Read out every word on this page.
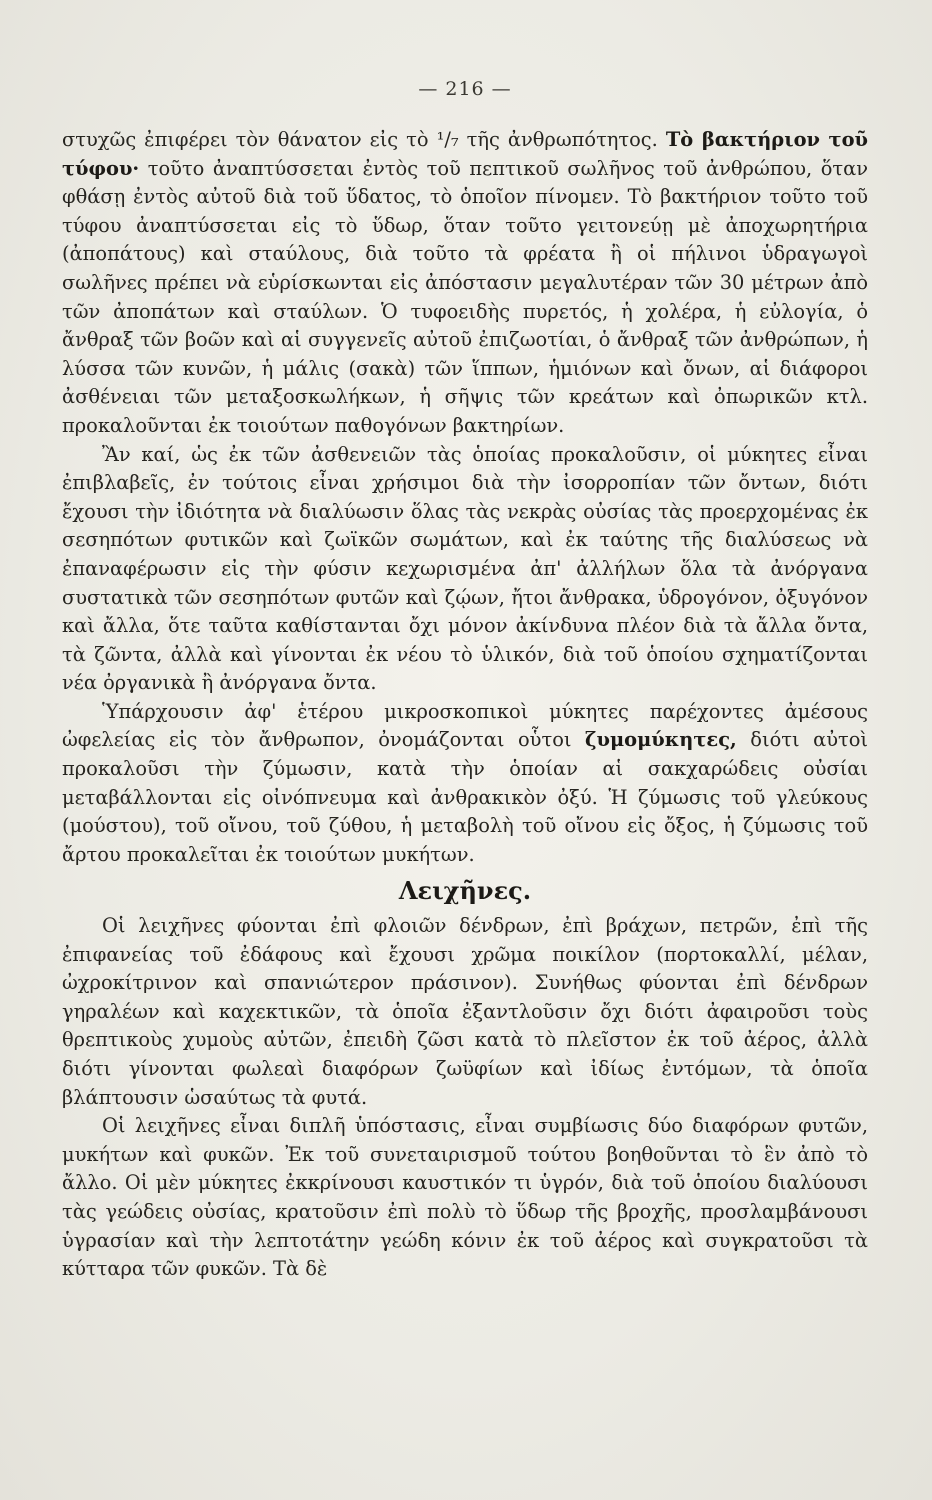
— 216 —

στυχῶς ἐπιφέρει τὸν θάνατον εἰς τὸ ¹/₇ τῆς ἀνθρωπότητος. Τὸ βακτήριον τοῦ τύφου· τοῦτο ἀναπτύσσεται ἐντὸς τοῦ πεπτικοῦ σωλῆνος τοῦ ἀνθρώπου, ὅταν φθάσῃ ἐντὸς αὐτοῦ διὰ τοῦ ὕδατος, τὸ ὁποῖον πίνομεν. Τὸ βακτήριον τοῦτο τοῦ τύφου ἀναπτύσσεται εἰς τὸ ὕδωρ, ὅταν τοῦτο γειτονεύῃ μὲ ἀποχωρητήρια (ἀποπάτους) καὶ σταύλους, διὰ τοῦτο τὰ φρέατα ἢ οἱ πήλινοι ὑδραγωγοὶ σωλῆνες πρέπει νὰ εὑρίσκωνται εἰς ἀπόστασιν μεγαλυτέραν τῶν 30 μέτρων ἀπὸ τῶν ἀποπάτων καὶ σταύλων. Ὁ τυφοειδὴς πυρετός, ἡ χολέρα, ἡ εὐλογία, ὁ ἄνθραξ τῶν βοῶν καὶ αἱ συγγενεῖς αὐτοῦ ἐπιζωοτίαι, ὁ ἄνθραξ τῶν ἀνθρώπων, ἡ λύσσα τῶν κυνῶν, ἡ μάλις (σακὰ) τῶν ἵππων, ἡμιόνων καὶ ὄνων, αἱ διάφοροι ἀσθένειαι τῶν μεταξοσκωλήκων, ἡ σῆψις τῶν κρεάτων καὶ ὀπωρικῶν κτλ. προκαλοῦνται ἐκ τοιούτων παθογόνων βακτηρίων.

Ἂν καί, ὡς ἐκ τῶν ἀσθενειῶν τὰς ὁποίας προκαλοῦσιν, οἱ μύκητες εἶναι ἐπιβλαβεῖς, ἐν τούτοις εἶναι χρήσιμοι διὰ τὴν ἰσορροπίαν τῶν ὄντων, διότι ἔχουσι τὴν ἰδιότητα νὰ διαλύωσιν ὅλας τὰς νεκρὰς οὐσίας τὰς προερχομένας ἐκ σεσηπότων φυτικῶν καὶ ζωϊκῶν σωμάτων, καὶ ἐκ ταύτης τῆς διαλύσεως νὰ ἐπαναφέρωσιν εἰς τὴν φύσιν κεχωρισμένα ἀπ' ἀλλήλων ὅλα τὰ ἀνόργανα συστατικὰ τῶν σεσηπότων φυτῶν καὶ ζῴων, ἤτοι ἄνθρακα, ὑδρογόνον, ὀξυγόνον καὶ ἄλλα, ὅτε ταῦτα καθίστανται ὄχι μόνον ἀκίνδυνα πλέον διὰ τὰ ἄλλα ὄντα, τὰ ζῶντα, ἀλλὰ καὶ γίνονται ἐκ νέου τὸ ὑλικόν, διὰ τοῦ ὁποίου σχηματίζονται νέα ὀργανικὰ ἢ ἀνόργανα ὄντα.

Ὑπάρχουσιν ἀφ' ἑτέρου μικροσκοπικοὶ μύκητες παρέχοντες ἀμέσους ὠφελείας εἰς τὸν ἄνθρωπον, ὀνομάζονται οὗτοι ζυμομύκητες, διότι αὐτοὶ προκαλοῦσι τὴν ζύμωσιν, κατὰ τὴν ὁποίαν αἱ σακχαρώδεις οὐσίαι μεταβάλλονται εἰς οἰνόπνευμα καὶ ἀνθρακικὸν ὀξύ. Ἡ ζύμωσις τοῦ γλεύκους (μούστου), τοῦ οἴνου, τοῦ ζύθου, ἡ μεταβολὴ τοῦ οἴνου εἰς ὄξος, ἡ ζύμωσις τοῦ ἄρτου προκαλεῖται ἐκ τοιούτων μυκήτων.

Λειχῆνες.

Οἱ λειχῆνες φύονται ἐπὶ φλοιῶν δένδρων, ἐπὶ βράχων, πετρῶν, ἐπὶ τῆς ἐπιφανείας τοῦ ἐδάφους καὶ ἔχουσι χρῶμα ποικίλον (πορτοκαλλί, μέλαν, ὠχροκίτρινον καὶ σπανιώτερον πράσινον). Συνήθως φύονται ἐπὶ δένδρων γηραλέων καὶ καχεκτικῶν, τὰ ὁποῖα ἐξαντλοῦσιν ὄχι διότι ἀφαιροῦσι τοὺς θρεπτικοὺς χυμοὺς αὐτῶν, ἐπειδὴ ζῶσι κατὰ τὸ πλεῖστον ἐκ τοῦ ἀέρος, ἀλλὰ διότι γίνονται φωλεαὶ διαφόρων ζωϋφίων καὶ ἰδίως ἐντόμων, τὰ ὁποῖα βλάπτουσιν ὡσαύτως τὰ φυτά.

Οἱ λειχῆνες εἶναι διπλῆ ὑπόστασις, εἶναι συμβίωσις δύο διαφόρων φυτῶν, μυκήτων καὶ φυκῶν. Ἐκ τοῦ συνεταιρισμοῦ τούτου βοηθοῦνται τὸ ἓν ἀπὸ τὸ ἄλλο. Οἱ μὲν μύκητες ἐκκρίνουσι καυστικόν τι ὑγρόν, διὰ τοῦ ὁποίου διαλύουσι τὰς γεώδεις οὐσίας, κρατοῦσιν ἐπὶ πολὺ τὸ ὕδωρ τῆς βροχῆς, προσλαμβάνουσι ὑγρασίαν καὶ τὴν λεπτοτάτην γεώδη κόνιν ἐκ τοῦ ἀέρος καὶ συγκρατοῦσι τὰ κύτταρα τῶν φυκῶν. Τὰ δὲ
